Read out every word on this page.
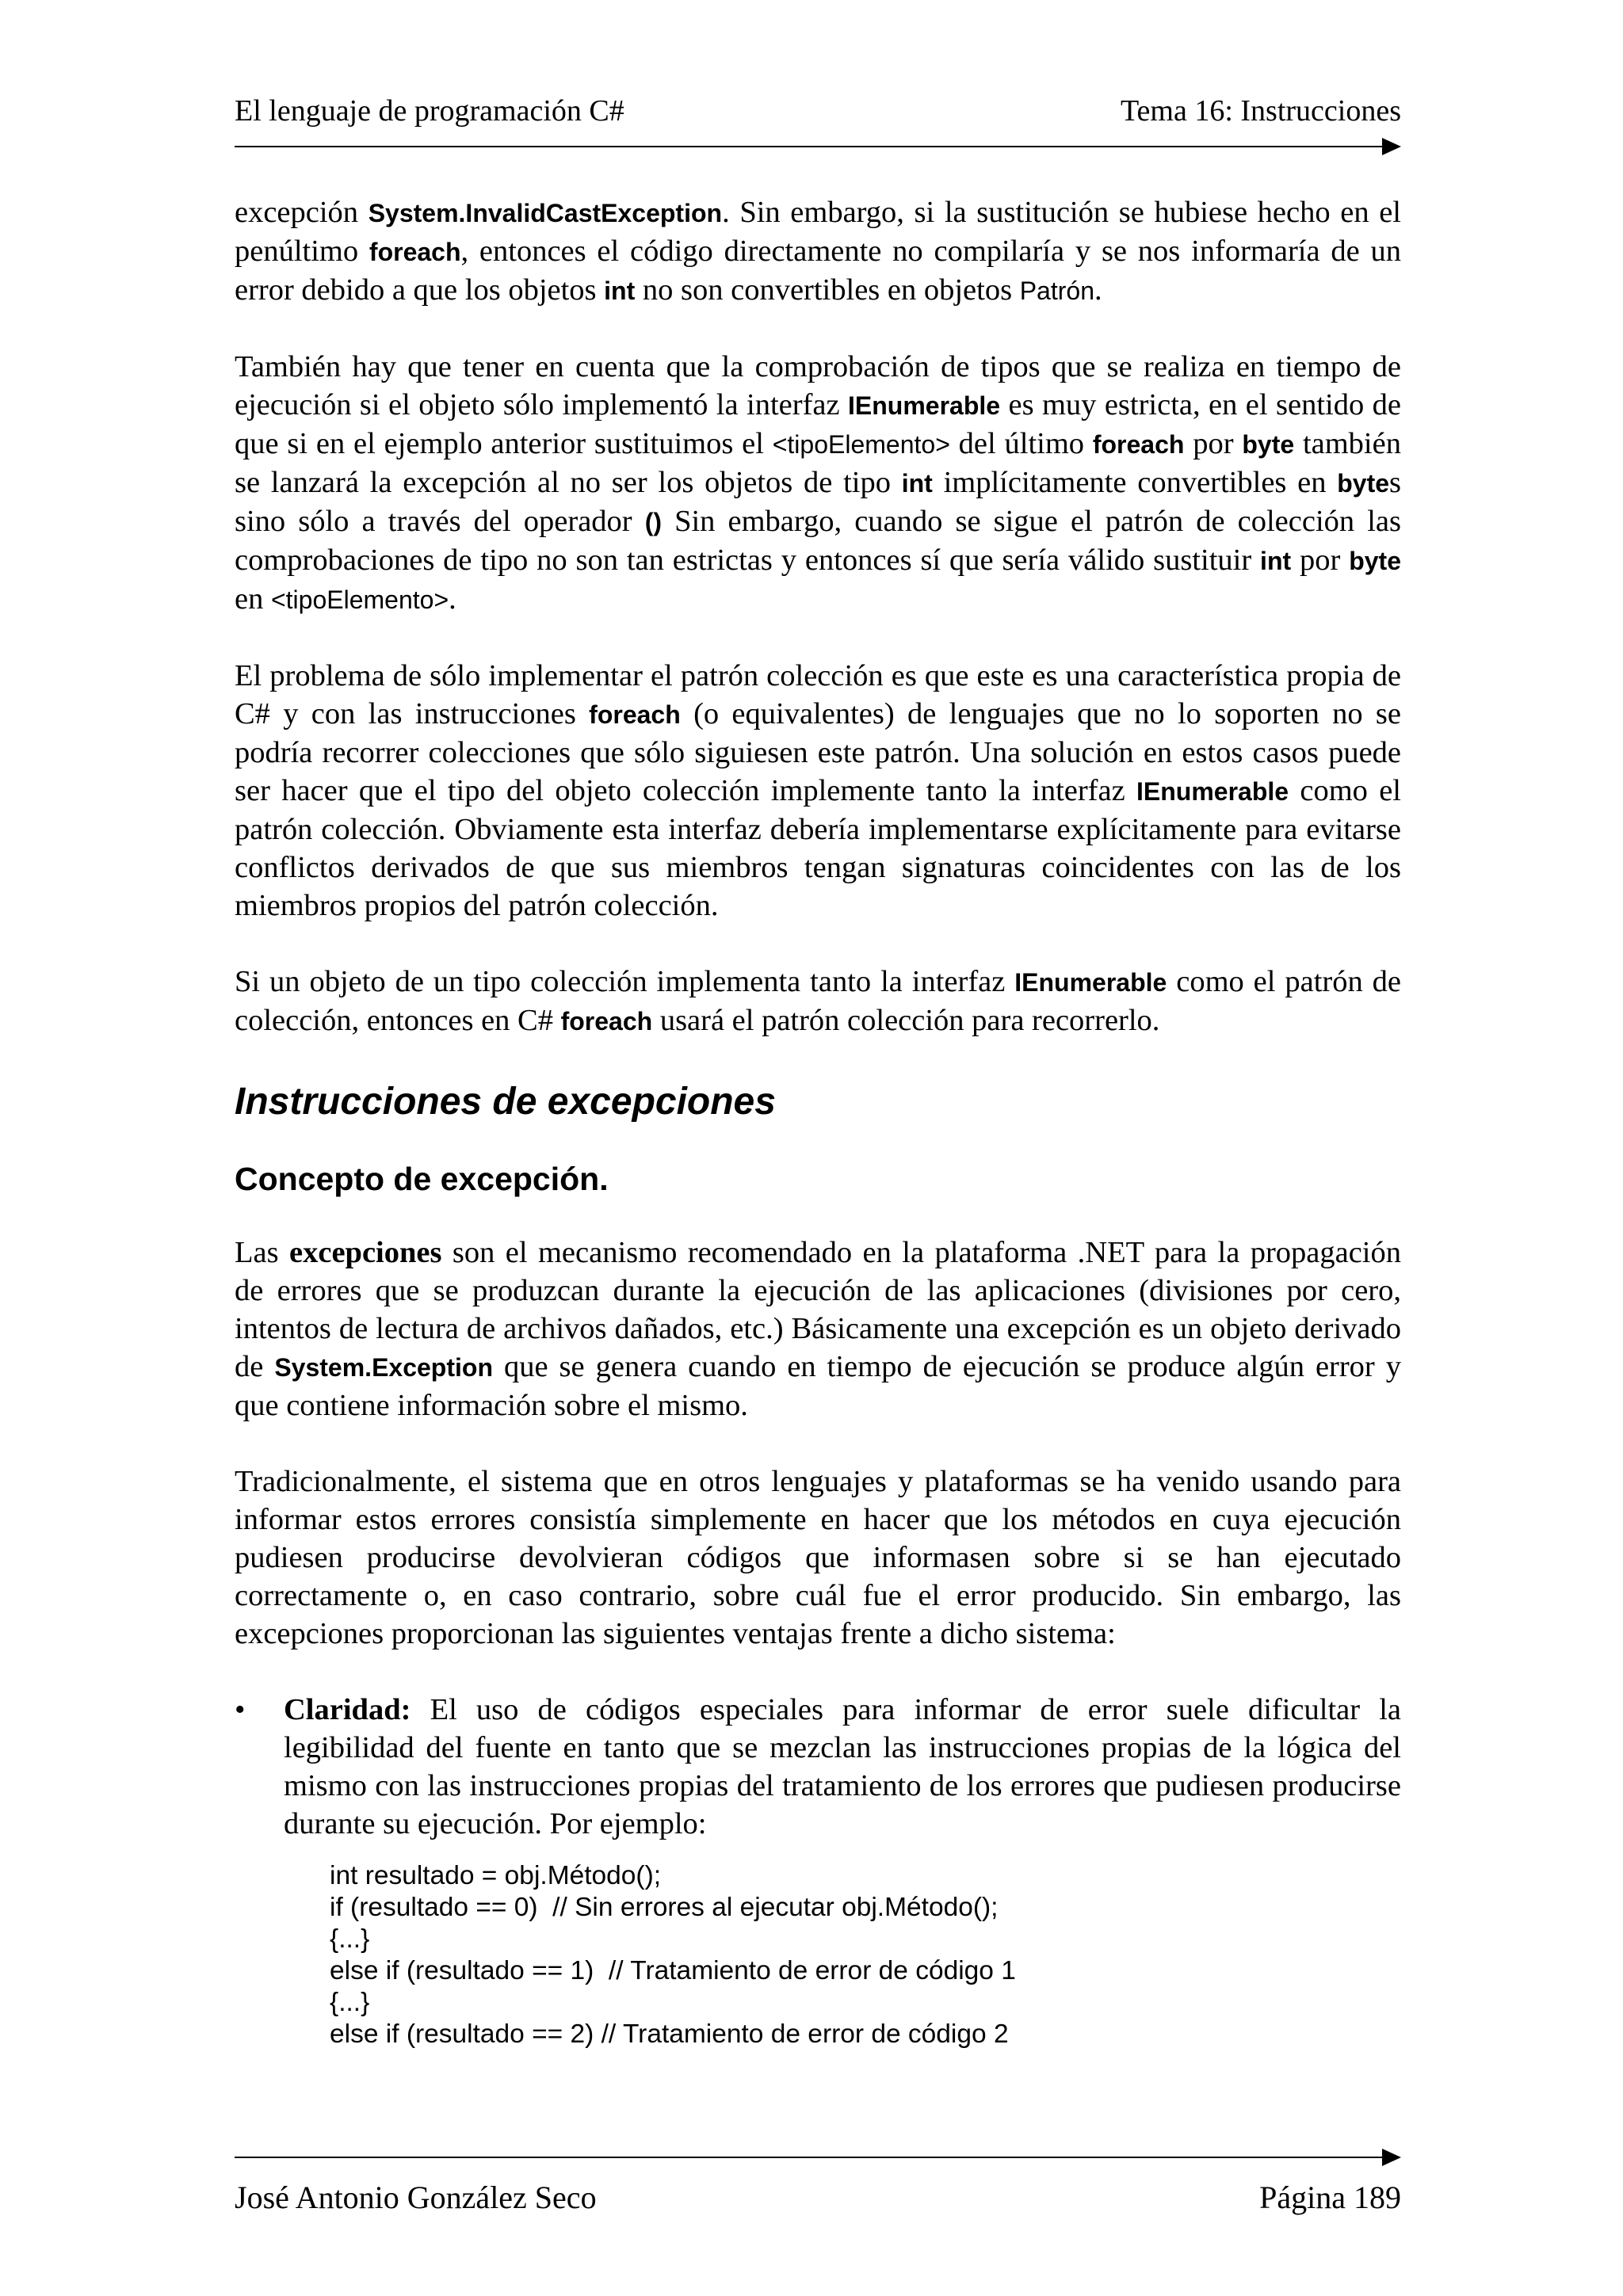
El lenguaje de programación C#	Tema 16: Instrucciones

excepción System.InvalidCastException. Sin embargo, si la sustitución se hubiese hecho en el penúltimo foreach, entonces el código directamente no compilaría y se nos informaría de un error debido a que los objetos int no son convertibles en objetos Patrón.

También hay que tener en cuenta que la comprobación de tipos que se realiza en tiempo de ejecución si el objeto sólo implementó la interfaz IEnumerable es muy estricta, en el sentido de que si en el ejemplo anterior sustituimos el <tipoElemento> del último foreach por byte también se lanzará la excepción al no ser los objetos de tipo int implícitamente convertibles en bytes sino sólo a través del operador () Sin embargo, cuando se sigue el patrón de colección las comprobaciones de tipo no son tan estrictas y entonces sí que sería válido sustituir int por byte en <tipoElemento>.

El problema de sólo implementar el patrón colección es que este es una característica propia de C# y con las instrucciones foreach (o equivalentes) de lenguajes que no lo soporten no se podría recorrer colecciones que sólo siguiesen este patrón. Una solución en estos casos puede ser hacer que el tipo del objeto colección implemente tanto la interfaz IEnumerable como el patrón colección. Obviamente esta interfaz debería implementarse explícitamente para evitarse conflictos derivados de que sus miembros tengan signaturas coincidentes con las de los miembros propios del patrón colección.

Si un objeto de un tipo colección implementa tanto la interfaz IEnumerable como el patrón de colección, entonces en C# foreach usará el patrón colección para recorrerlo.

Instrucciones de excepciones
Concepto de excepción.

Las excepciones son el mecanismo recomendado en la plataforma .NET para la propagación de errores que se produzcan durante la ejecución de las aplicaciones (divisiones por cero, intentos de lectura de archivos dañados, etc.) Básicamente una excepción es un objeto derivado de System.Exception que se genera cuando en tiempo de ejecución se produce algún error y que contiene información sobre el mismo.

Tradicionalmente, el sistema que en otros lenguajes y plataformas se ha venido usando para informar estos errores consistía simplemente en hacer que los métodos en cuya ejecución pudiesen producirse devolvieran códigos que informasen sobre si se han ejecutado correctamente o, en caso contrario, sobre cuál fue el error producido. Sin embargo, las excepciones proporcionan las siguientes ventajas frente a dicho sistema:

• Claridad: El uso de códigos especiales para informar de error suele dificultar la legibilidad del fuente en tanto que se mezclan las instrucciones propias de la lógica del mismo con las instrucciones propias del tratamiento de los errores que pudiesen producirse durante su ejecución. Por ejemplo:
int resultado = obj.Método();
if (resultado == 0)  // Sin errores al ejecutar obj.Método();
{...}
else if (resultado == 1)  // Tratamiento de error de código 1
{...}
else if (resultado == 2) // Tratamiento de error de código 2
José Antonio González Seco	Página 189
